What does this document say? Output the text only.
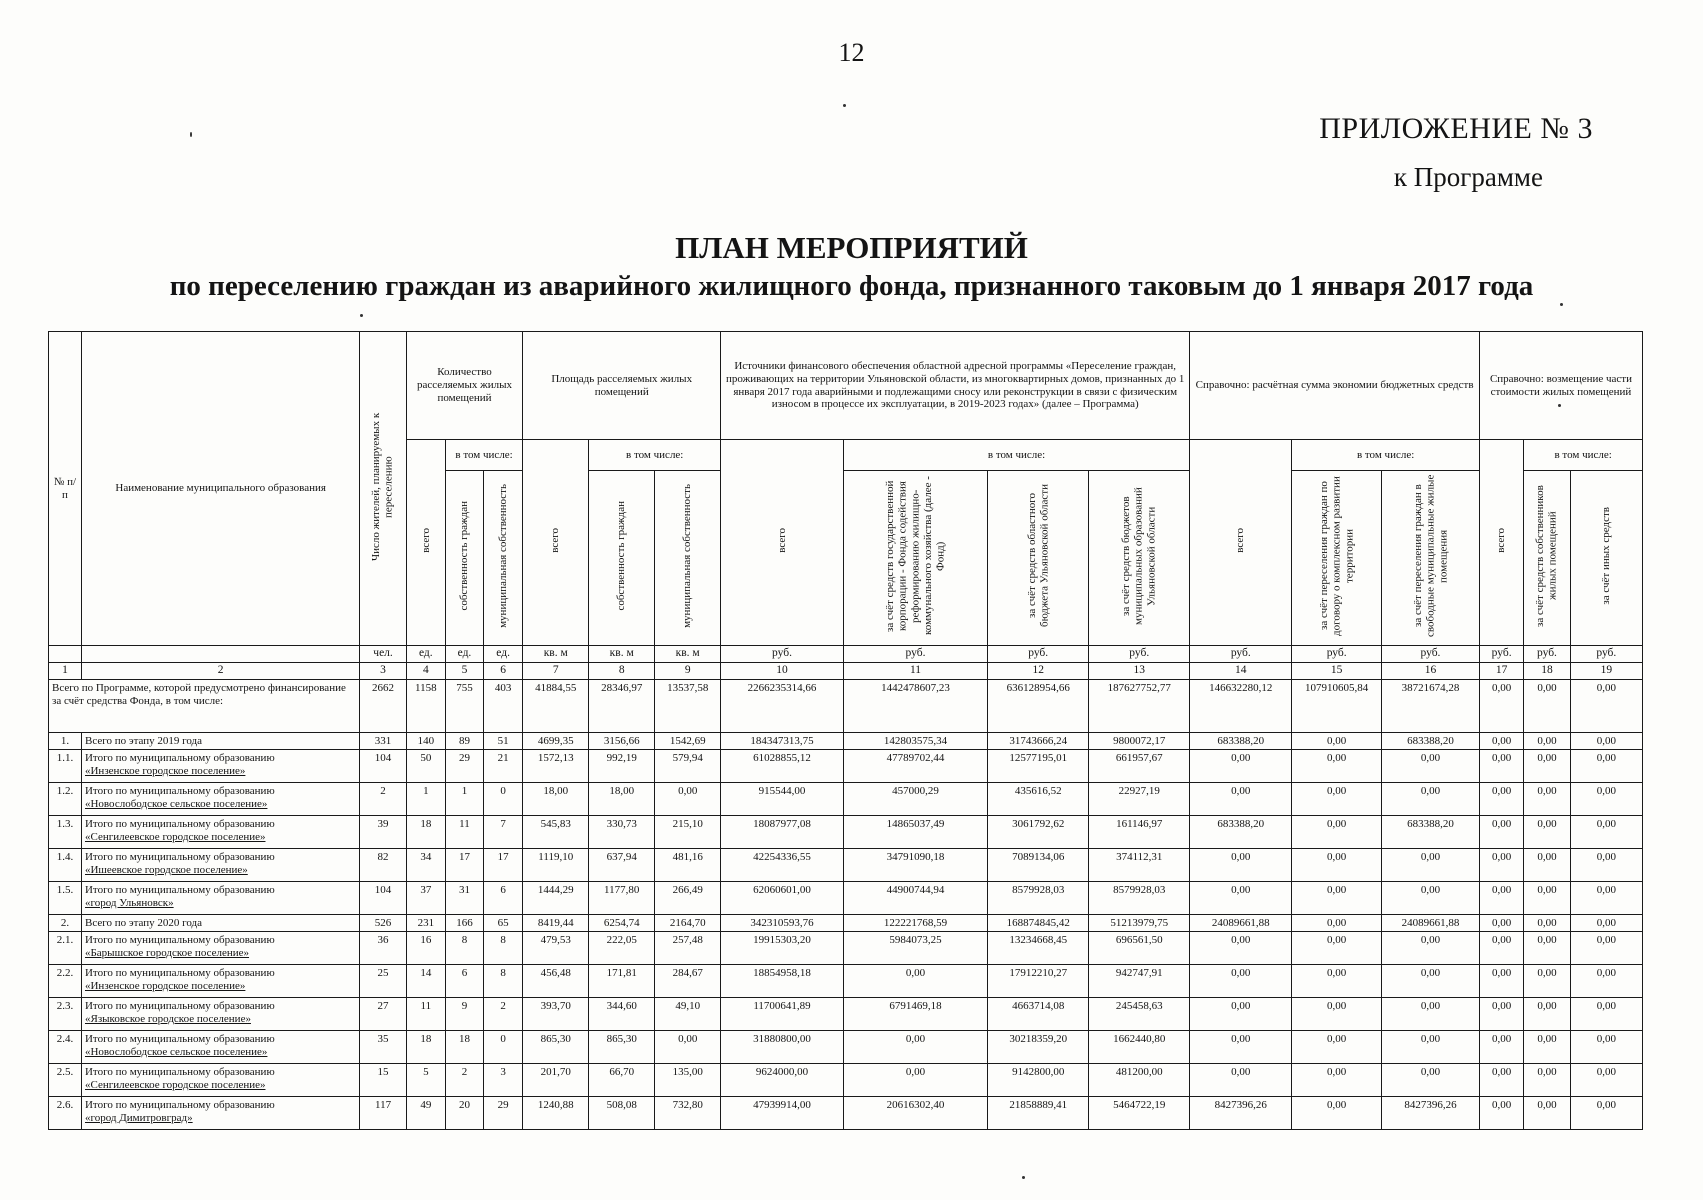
12
ПРИЛОЖЕНИЕ № 3
к Программе
ПЛАН МЕРОПРИЯТИЙ
по переселению граждан из аварийного жилищного фонда, признанного таковым до 1 января 2017 года
№ п/п	Наименование муниципального образования	Число жителей, планируемых к переселению	Количество расселяемых жилых помещений			Площадь расселяемых жилых помещений			Источники финансового обеспечения областной адресной программы «Переселение граждан, проживающих на территории Ульяновской области, из многоквартирных домов, признанных до 1 января 2017 года аварийными и подлежащими сносу или реконструкции в связи с физическим износом в процессе их эксплуатации, в 2019-2023 годах» (далее – Программа)				Справочно: расчётная сумма экономии бюджетных средств			Справочно: возмещение части стоимости жилых помещений		
			всего	в том числе:		всего	в том числе:		всего	в том числе:			всего	в том числе:		всего	в том числе:	
				собственность граждан	муниципальная собственность		собственность граждан	муниципальная собственность		за счёт средств государственной корпорации - Фонда содействия реформированию жилищно-коммунального хозяйства (далее - Фонд)	за счёт средств областного бюджета Ульяновской области	за счёт средств бюджетов муниципальных образований Ульяновской области		за счёт переселения граждан по договору о комплексном развитии территории	за счёт переселения граждан в свободные муниципальные жилые помещения		за счёт средств собственников жилых помещений	за счёт иных средств
		чел.	ед.	ед.	ед.	кв. м	кв. м	кв. м	руб.	руб.	руб.	руб.	руб.	руб.	руб.	руб.	руб.	руб.
1	2	3	4	5	6	7	8	9	10	11	12	13	14	15	16	17	18	19

Всего по Программе, которой предусмотрено финансирование за счёт средства Фонда, в том числе:		2662	1158	755	403	41884,55	28346,97	13537,58	2266235314,66	1442478607,23	636128954,66	187627752,77	146632280,12	107910605,84	38721674,28	0,00	0,00	0,00
1.	Всего по этапу 2019 года	331	140	89	51	4699,35	3156,66	1542,69	184347313,75	142803575,34	31743666,24	9800072,17	683388,20	0,00	683388,20	0,00	0,00	0,00
1.1.	Итого по муниципальному образованию
«Инзенское городское поселение»	104	50	29	21	1572,13	992,19	579,94	61028855,12	47789702,44	12577195,01	661957,67	0,00	0,00	0,00	0,00	0,00	0,00
1.2.	Итого по муниципальному образованию
«Новослободское сельское поселение»	2	1	1	0	18,00	18,00	0,00	915544,00	457000,29	435616,52	22927,19	0,00	0,00	0,00	0,00	0,00	0,00
1.3.	Итого по муниципальному образованию
«Сенгилеевское городское поселение»	39	18	11	7	545,83	330,73	215,10	18087977,08	14865037,49	3061792,62	161146,97	683388,20	0,00	683388,20	0,00	0,00	0,00
1.4.	Итого по муниципальному образованию
«Ишеевское городское поселение»	82	34	17	17	1119,10	637,94	481,16	42254336,55	34791090,18	7089134,06	374112,31	0,00	0,00	0,00	0,00	0,00	0,00
1.5.	Итого по муниципальному образованию
«город Ульяновск»	104	37	31	6	1444,29	1177,80	266,49	62060601,00	44900744,94	8579928,03	8579928,03	0,00	0,00	0,00	0,00	0,00	0,00
2.	Всего по этапу 2020 года	526	231	166	65	8419,44	6254,74	2164,70	342310593,76	122221768,59	168874845,42	51213979,75	24089661,88	0,00	24089661,88	0,00	0,00	0,00
2.1.	Итого по муниципальному образованию
«Барышское городское поселение»	36	16	8	8	479,53	222,05	257,48	19915303,20	5984073,25	13234668,45	696561,50	0,00	0,00	0,00	0,00	0,00	0,00
2.2.	Итого по муниципальному образованию
«Инзенское городское поселение»	25	14	6	8	456,48	171,81	284,67	18854958,18	0,00	17912210,27	942747,91	0,00	0,00	0,00	0,00	0,00	0,00
2.3.	Итого по муниципальному образованию
«Языковское городское поселение»	27	11	9	2	393,70	344,60	49,10	11700641,89	6791469,18	4663714,08	245458,63	0,00	0,00	0,00	0,00	0,00	0,00
2.4.	Итого по муниципальному образованию
«Новослободское сельское поселение»	35	18	18	0	865,30	865,30	0,00	31880800,00	0,00	30218359,20	1662440,80	0,00	0,00	0,00	0,00	0,00	0,00
2.5.	Итого по муниципальному образованию
«Сенгилеевское городское поселение»	15	5	2	3	201,70	66,70	135,00	9624000,00	0,00	9142800,00	481200,00	0,00	0,00	0,00	0,00	0,00	0,00
2.6.	Итого по муниципальному образованию
«город Димитровград»	117	49	20	29	1240,88	508,08	732,80	47939914,00	20616302,40	21858889,41	5464722,19	8427396,26	0,00	8427396,26	0,00	0,00	0,00
